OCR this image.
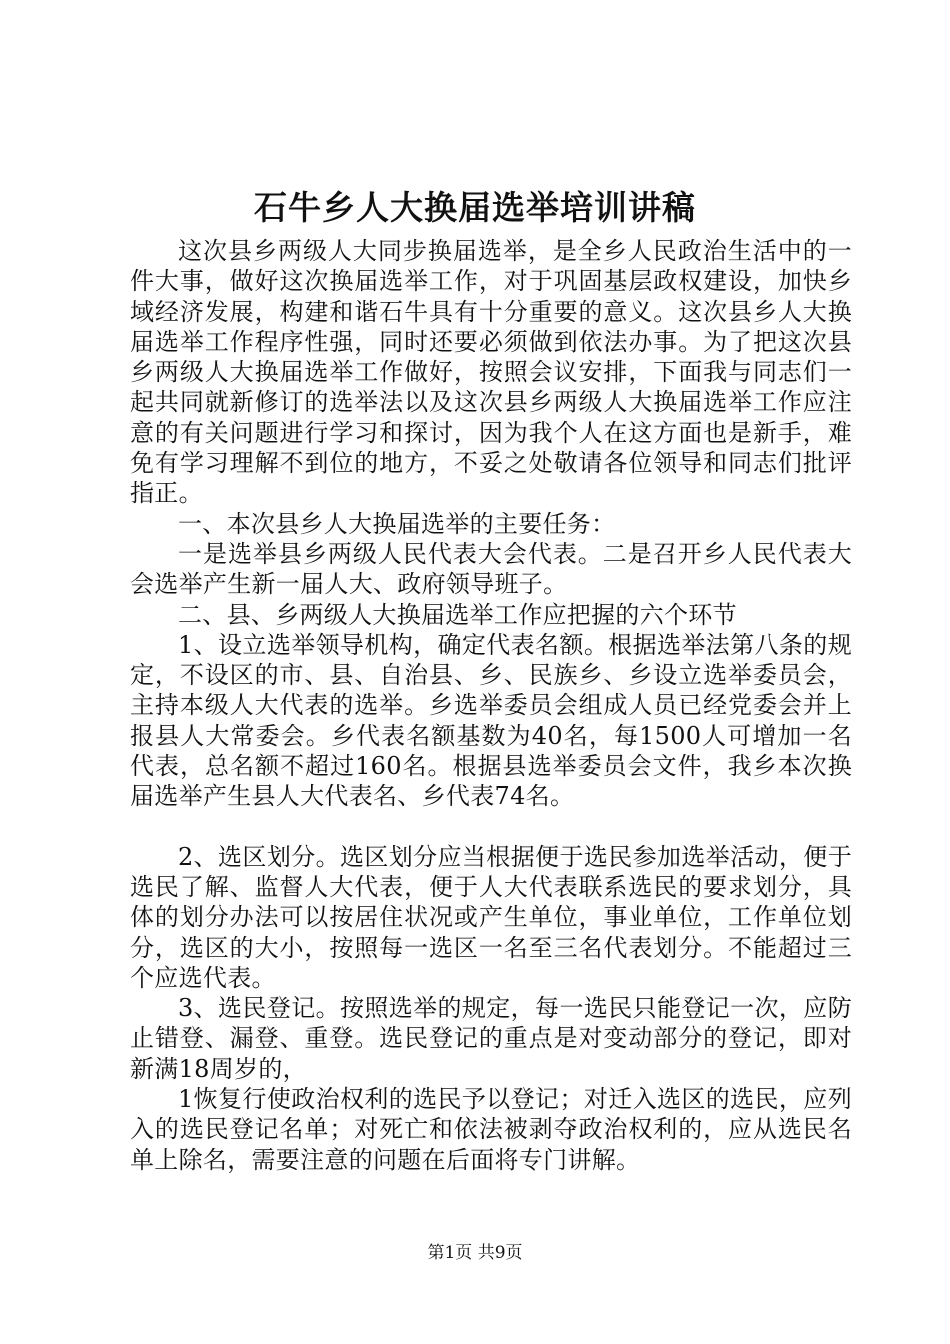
石牛乡人大换届选举培训讲稿

这次县乡两级人大同步换届选举，是全乡人民政治生活中的一件大事，做好这次换届选举工作，对于巩固基层政权建设，加快乡域经济发展，构建和谐石牛具有十分重要的意义。这次县乡人大换届选举工作程序性强，同时还要必须做到依法办事。为了把这次县乡两级人大换届选举工作做好，按照会议安排，下面我与同志们一起共同就新修订的选举法以及这次县乡两级人大换届选举工作应注意的有关问题进行学习和探讨，因为我个人在这方面也是新手，难免有学习理解不到位的地方，不妥之处敬请各位领导和同志们批评指正。

一、本次县乡人大换届选举的主要任务：

一是选举县乡两级人民代表大会代表。二是召开乡人民代表大会选举产生新一届人大、政府领导班子。

二、县、乡两级人大换届选举工作应把握的六个环节

1、设立选举领导机构，确定代表名额。根据选举法第八条的规定，不设区的市、县、自治县、乡、民族乡、乡设立选举委员会，主持本级人大代表的选举。乡选举委员会组成人员已经党委会并上报县人大常委会。乡代表名额基数为40名，每1500人可增加一名代表，总名额不超过160名。根据县选举委员会文件，我乡本次换届选举产生县人大代表名、乡代表74名。

2、选区划分。选区划分应当根据便于选民参加选举活动，便于选民了解、监督人大代表，便于人大代表联系选民的要求划分，具体的划分办法可以按居住状况或产生单位，事业单位，工作单位划分，选区的大小，按照每一选区一名至三名代表划分。不能超过三个应选代表。

3、选民登记。按照选举的规定，每一选民只能登记一次，应防止错登、漏登、重登。选民登记的重点是对变动部分的登记，即对新满18周岁的，

1恢复行使政治权利的选民予以登记；对迁入选区的选民，应列入的选民登记名单；对死亡和依法被剥夺政治权利的，应从选民名单上除名，需要注意的问题在后面将专门讲解。

第1页 共9页
